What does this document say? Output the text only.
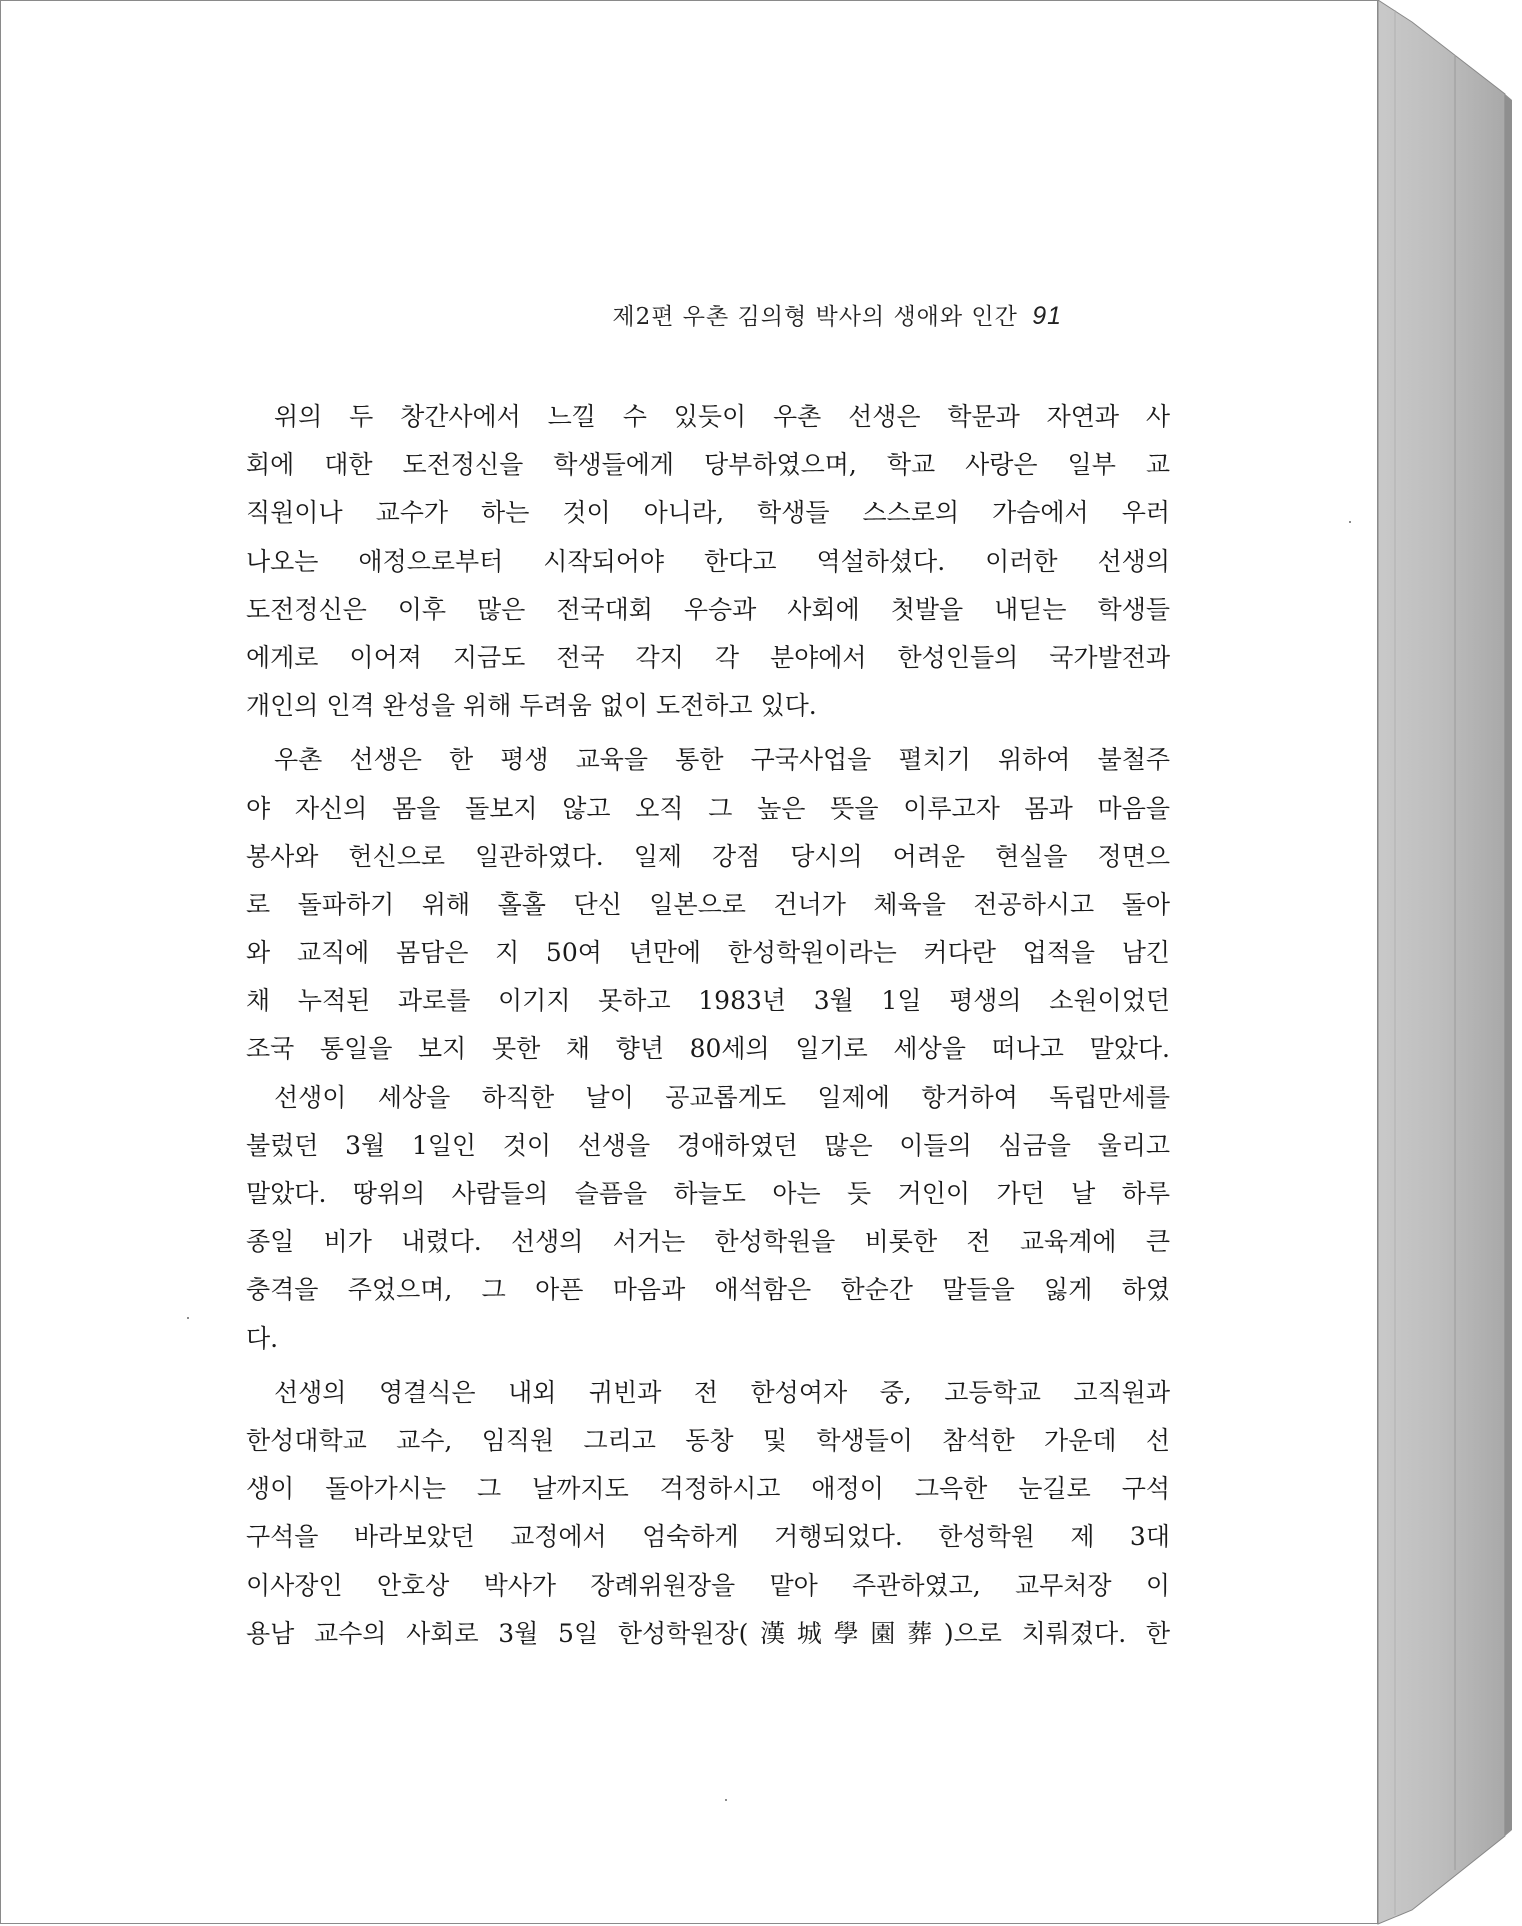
제2편 우촌 김의형 박사의 생애와 인간 91
위의 두 창간사에서 느낄 수 있듯이 우촌 선생은 학문과 자연과 사
회에 대한 도전정신을 학생들에게 당부하였으며, 학교 사랑은 일부 교
직원이나 교수가 하는 것이 아니라, 학생들 스스로의 가슴에서 우러
나오는 애정으로부터 시작되어야 한다고 역설하셨다. 이러한 선생의
도전정신은 이후 많은 전국대회 우승과 사회에 첫발을 내딛는 학생들
에게로 이어져 지금도 전국 각지 각 분야에서 한성인들의 국가발전과
개인의 인격 완성을 위해 두려움 없이 도전하고 있다.
우촌 선생은 한 평생 교육을 통한 구국사업을 펼치기 위하여 불철주
야 자신의 몸을 돌보지 않고 오직 그 높은 뜻을 이루고자 몸과 마음을
봉사와 헌신으로 일관하였다. 일제 강점 당시의 어려운 현실을 정면으
로 돌파하기 위해 홀홀 단신 일본으로 건너가 체육을 전공하시고 돌아
와 교직에 몸담은 지 50여 년만에 한성학원이라는 커다란 업적을 남긴
채 누적된 과로를 이기지 못하고 1983년 3월 1일 평생의 소원이었던
조국 통일을 보지 못한 채 향년 80세의 일기로 세상을 떠나고 말았다.
선생이 세상을 하직한 날이 공교롭게도 일제에 항거하여 독립만세를
불렀던 3월 1일인 것이 선생을 경애하였던 많은 이들의 심금을 울리고
말았다. 땅위의 사람들의 슬픔을 하늘도 아는 듯 거인이 가던 날 하루
종일 비가 내렸다. 선생의 서거는 한성학원을 비롯한 전 교육계에 큰
충격을 주었으며, 그 아픈 마음과 애석함은 한순간 말들을 잃게 하였
다.
선생의 영결식은 내외 귀빈과 전 한성여자 중, 고등학교 고직원과
한성대학교 교수, 임직원 그리고 동창 및 학생들이 참석한 가운데 선
생이 돌아가시는 그 날까지도 걱정하시고 애정이 그윽한 눈길로 구석
구석을 바라보았던 교정에서 엄숙하게 거행되었다. 한성학원 제 3대
이사장인 안호상 박사가 장례위원장을 맡아 주관하였고, 교무처장 이
용남 교수의 사회로 3월 5일 한성학원장(漢城學園葬)으로 치뤄졌다. 한
